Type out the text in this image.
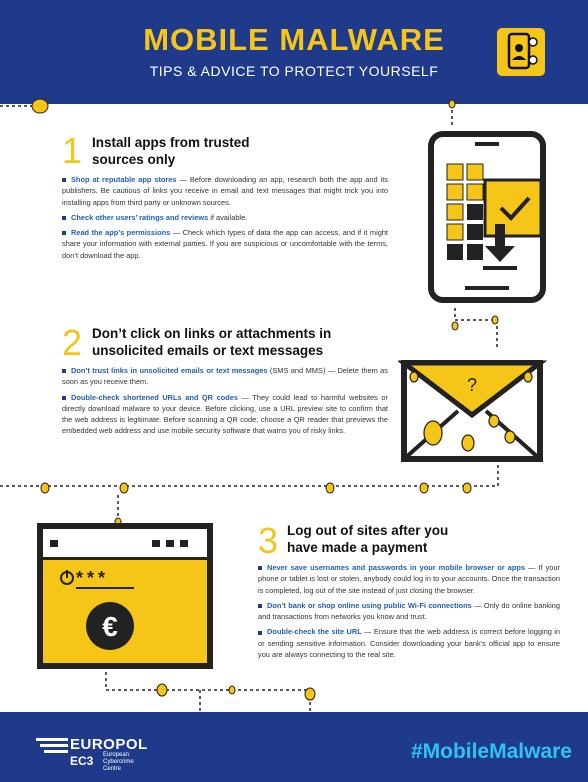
MOBILE MALWARE
TIPS & ADVICE TO PROTECT YOURSELF
1 Install apps from trusted
sources only

Shop at reputable app stores — Before downloading an app, research both the app and its publishers. Be cautious of links you receive in email and text messages that might trick you into installing apps from third party or unknown sources.

Check other users’ ratings and reviews if available.

Read the app’s permissions — Check which types of data the app can access, and if it might share your information with external parties. If you are suspicious or uncomfortable with the terms, don’t download the app.

2 Don’t click on links or attachments in
unsolicited emails or text messages

Don’t trust links in unsolicited emails or text messages (SMS and MMS) — Delete them as soon as you receive them.

Double-check shortened URLs and QR codes — They could lead to harmful websites or directly download malware to your device. Before clicking, use a URL preview site to confirm that the web address is legitimate. Before scanning a QR code, choose a QR reader that previews the embedded web address and use mobile security software that warns you of risky links.

?
***
€
3 Log out of sites after you
have made a payment

Never save usernames and passwords in your mobile browser or apps — If your phone or tablet is lost or stolen, anybody could log in to your accounts. Once the transaction is completed, log out of the site instead of just closing the browser.

Don’t bank or shop online using public Wi-Fi connections — Only do online banking and transactions from networks you know and trust.

Double-check the site URL — Ensure that the web address is correct before logging in or sending sensitive information. Consider downloading your bank’s official app to ensure you are always connecting to the real site.

EUROPOL
EC3 European Cybercrime Centre
#MobileMalware
